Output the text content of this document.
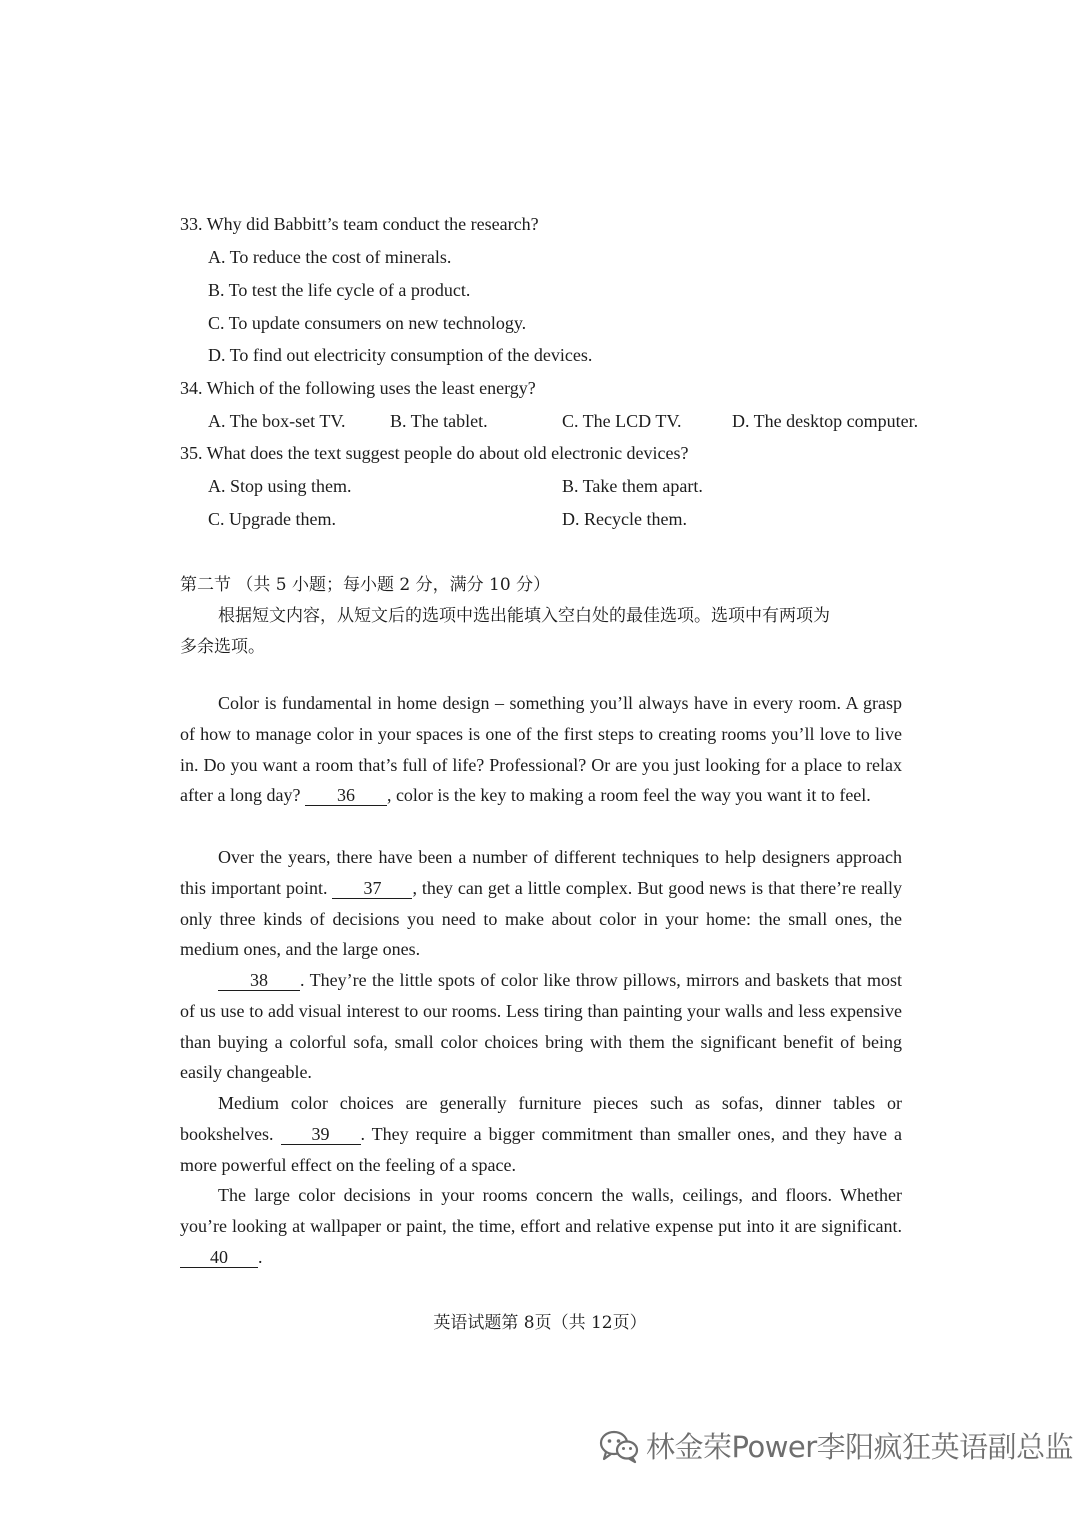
33. Why did Babbitt’s team conduct the research?
A. To reduce the cost of minerals.
B. To test the life cycle of a product.
C. To update consumers on new technology.
D. To find out electricity consumption of the devices.
34. Which of the following uses the least energy?
A. The box-set TV. B. The tablet.	C. The LCD TV.	D. The desktop computer.
35. What does the text suggest people do about old electronic devices?
A. Stop using them.	B. Take them apart.
C. Upgrade them.	D. Recycle them.
第二节 （共 5 小题；每小题 2 分，满分 10 分）
根据短文内容，从短文后的选项中选出能填入空白处的最佳选项。选项中有两项为
多余选项。

Color is fundamental in home design – something you’ll always have in every room. A grasp of how to manage color in your spaces is one of the first steps to creating rooms you’ll love to live in. Do you want a room that’s full of life? Professional? Or are you just looking for a place to relax after a long day? 36 , color is the key to making a room feel the way you want it to feel.

Over the years, there have been a number of different techniques to help designers approach this important point. 37 , they can get a little complex. But good news is that there’re really only three kinds of decisions you need to make about color in your home: the small ones, the medium ones, and the large ones.

38 . They’re the little spots of color like throw pillows, mirrors and baskets that most of us use to add visual interest to our rooms. Less tiring than painting your walls and less expensive than buying a colorful sofa, small color choices bring with them the significant benefit of being easily changeable.

Medium color choices are generally furniture pieces such as sofas, dinner tables or bookshelves. 39 . They require a bigger commitment than smaller ones, and they have a more powerful effect on the feeling of a space.

The large color decisions in your rooms concern the walls, ceilings, and floors. Whether you’re looking at wallpaper or paint, the time, effort and relative expense put into it are significant. 40 .

英语试题第 8页（共 12页）
林金荣Power李阳疯狂英语副总监
